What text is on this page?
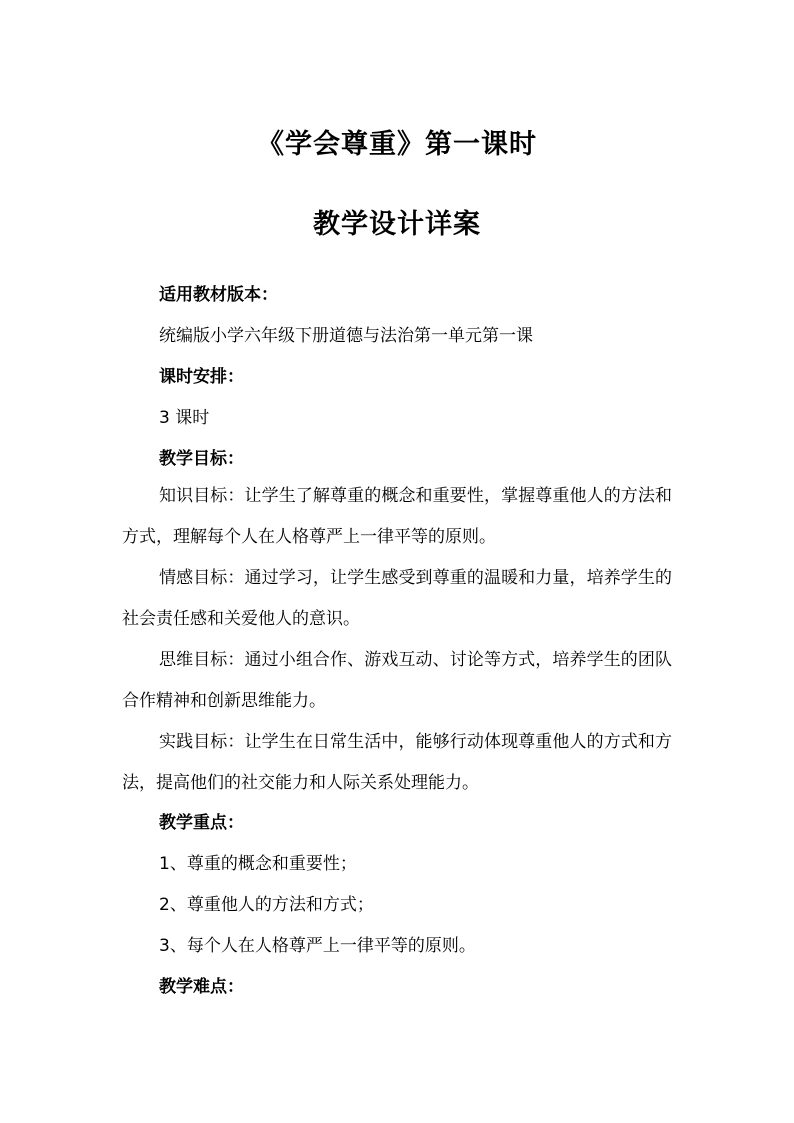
《学会尊重》第一课时
教学设计详案

适用教材版本：

统编版小学六年级下册道德与法治第一单元第一课

课时安排：

3 课时

教学目标：

知识目标：让学生了解尊重的概念和重要性，掌握尊重他人的方法和方式，理解每个人在人格尊严上一律平等的原则。

情感目标：通过学习，让学生感受到尊重的温暖和力量，培养学生的社会责任感和关爱他人的意识。

思维目标：通过小组合作、游戏互动、讨论等方式，培养学生的团队合作精神和创新思维能力。

实践目标：让学生在日常生活中，能够行动体现尊重他人的方式和方法，提高他们的社交能力和人际关系处理能力。

教学重点：

1、尊重的概念和重要性；

2、尊重他人的方法和方式；

3、每个人在人格尊严上一律平等的原则。

教学难点：
